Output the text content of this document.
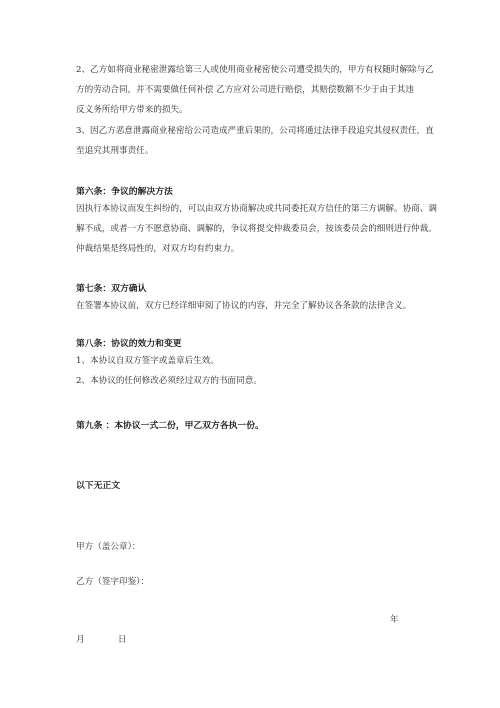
2、乙方如将商业秘密泄露给第三人或使用商业秘密使公司遭受损失的，甲方有权随时解除与乙
方的劳动合同，并不需要做任何补偿 乙方应对公司进行赔偿，其赔偿数额不少于由于其违
反义务所给甲方带来的损失。
3、因乙方恶意泄露商业秘密给公司造成严重后果的，公司将通过法律手段追究其侵权责任，直
至追究其刑事责任。
第六条：争议的解决方法
因执行本协议而发生纠纷的，可以由双方协商解决或共同委托双方信任的第三方调解。协商、调
解不成，或者一方不愿意协商、调解的，争议将提交仲裁委员会，按该委员会的细则进行仲裁。
仲裁结果是终局性的，对双方均有约束力。
第七条：双方确认
在签署本协议前，双方已经详细审阅了协议的内容，并完全了解协议各条款的法律含义。
第八条：协议的效力和变更
1、本协议自双方签字或盖章后生效。
2、本协议的任何修改必须经过双方的书面同意。
第九条 ：本协议一式二份，甲乙双方各执一份。
以下无正文
甲方（盖公章）：
乙方（签字印鉴）：
年
月	日
